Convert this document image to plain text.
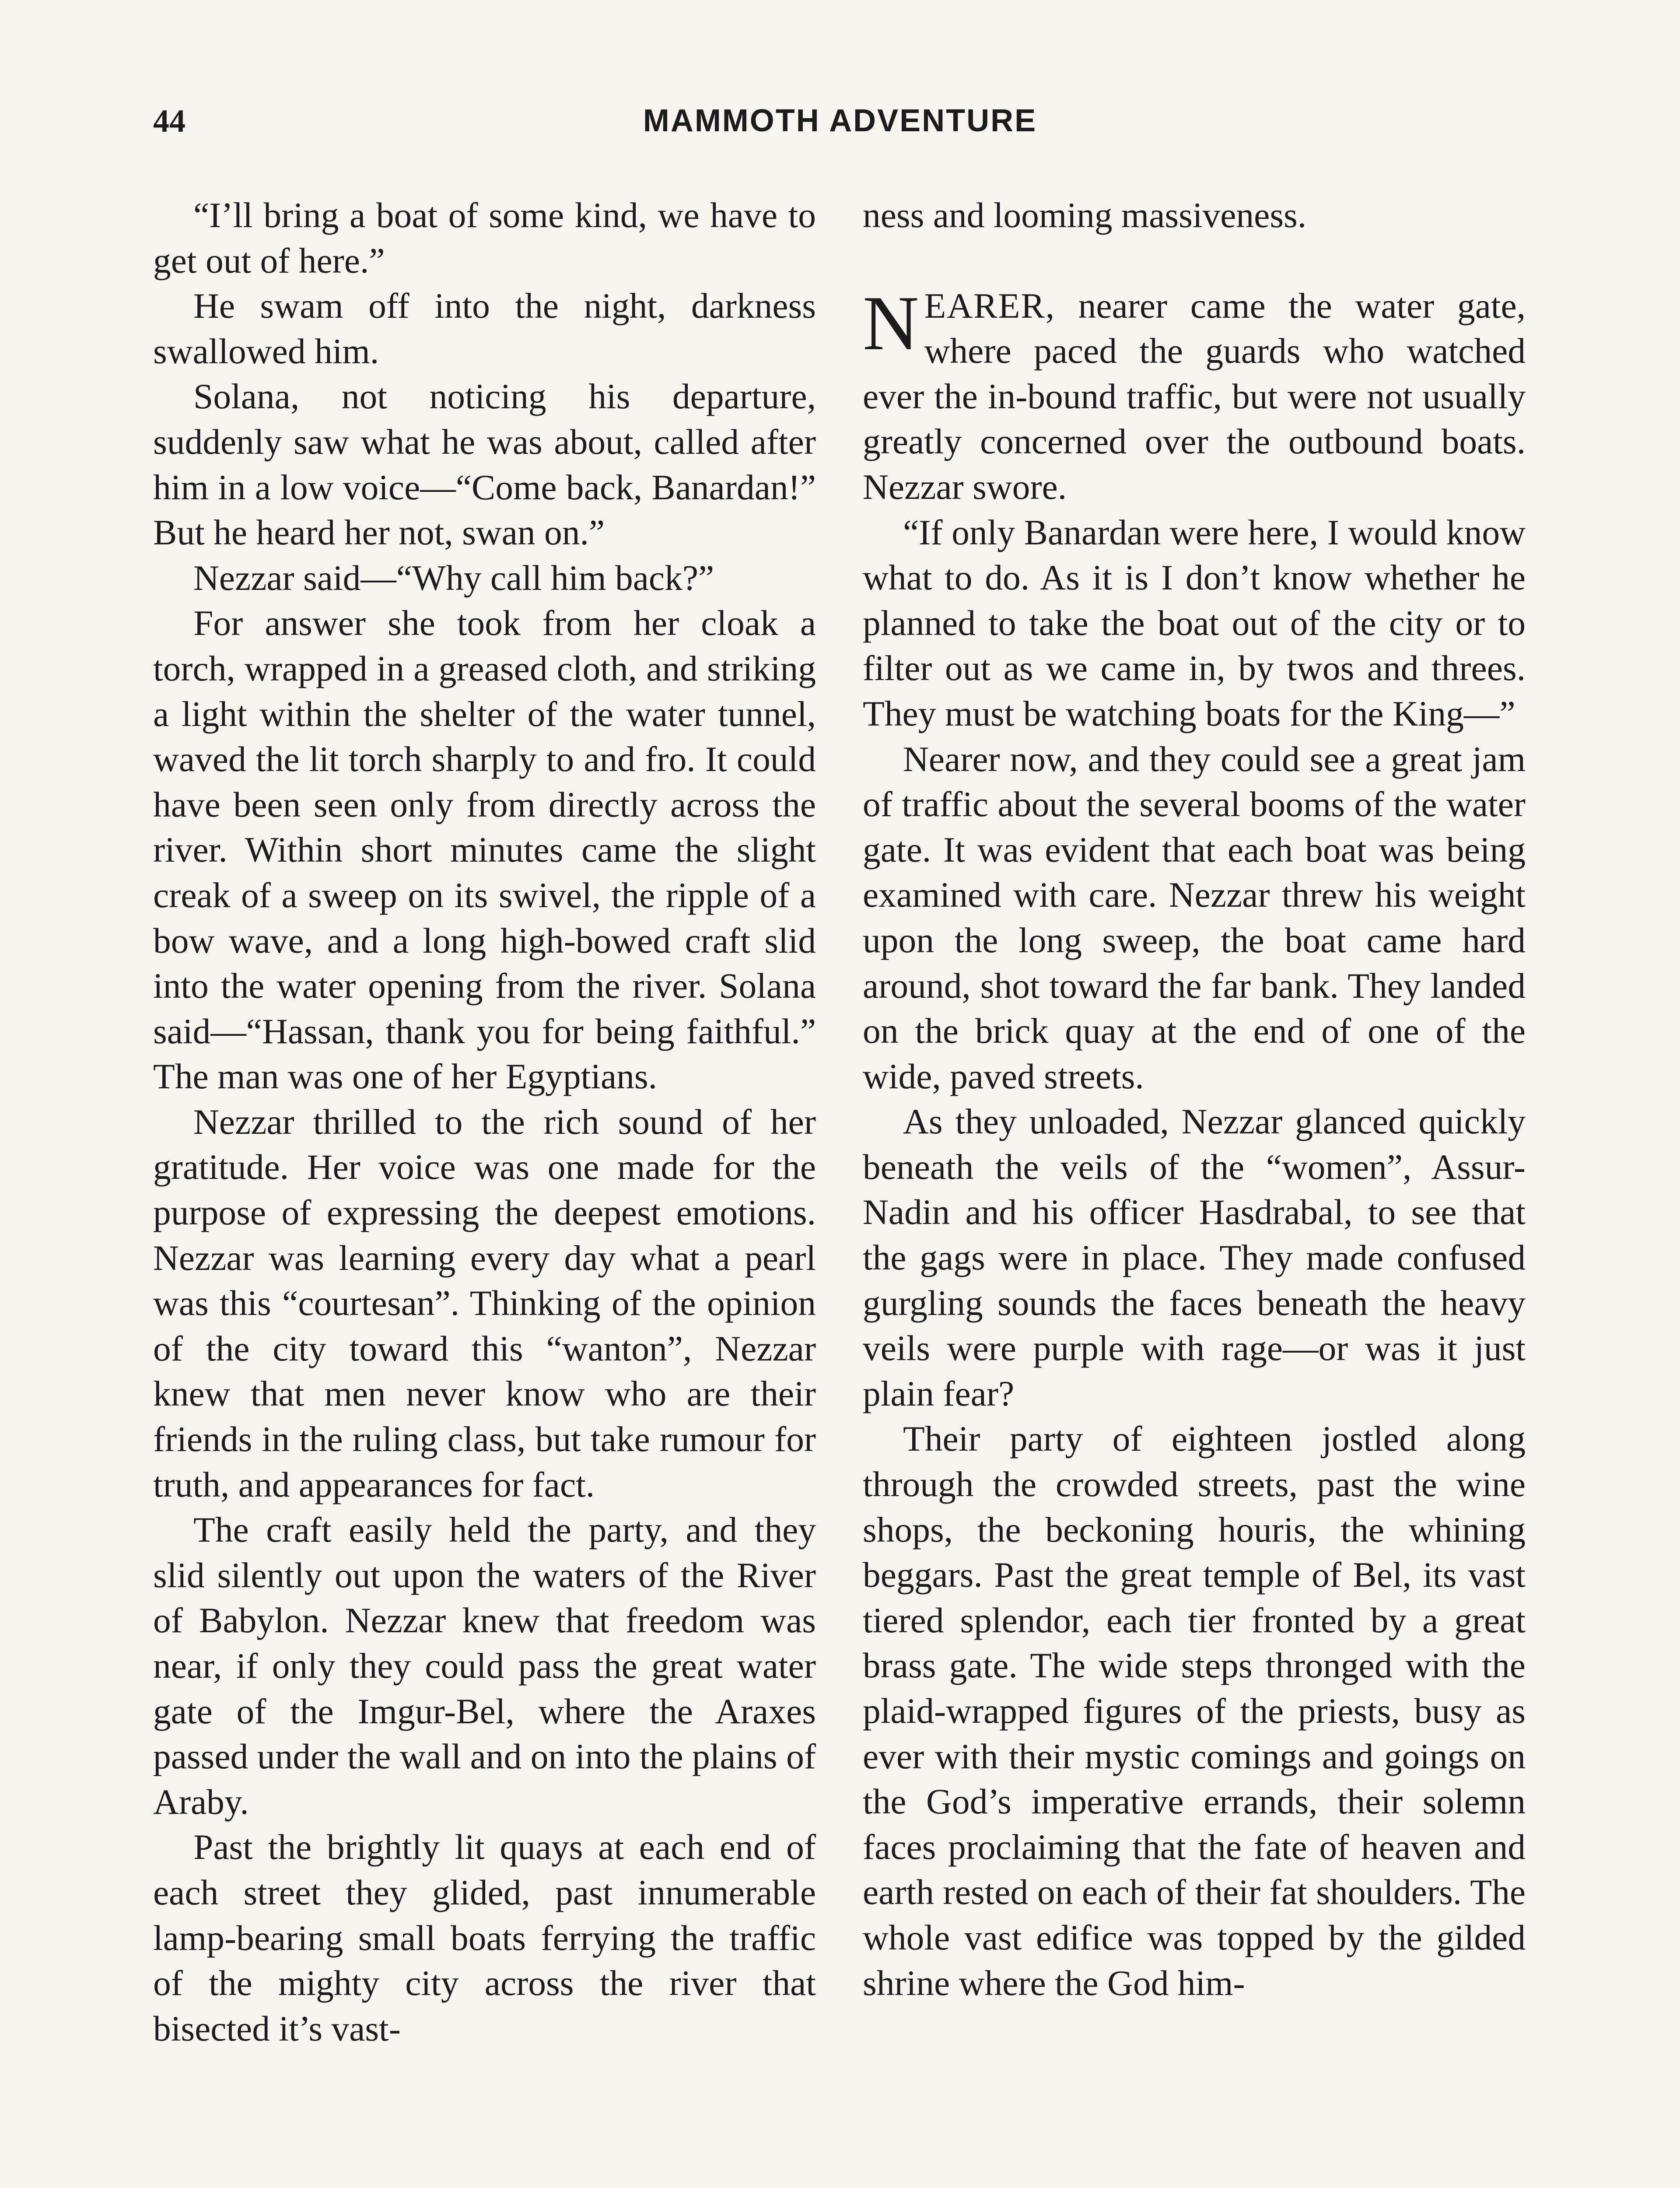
44	MAMMOTH ADVENTURE

“I’ll bring a boat of some kind, we have to get out of here.”

He swam off into the night, darkness swallowed him.

Solana, not noticing his departure, suddenly saw what he was about, called after him in a low voice—“Come back, Banardan!” But he heard her not, swan on.”

Nezzar said—“Why call him back?”

For answer she took from her cloak a torch, wrapped in a greased cloth, and striking a light within the shelter of the water tunnel, waved the lit torch sharply to and fro. It could have been seen only from directly across the river. Within short minutes came the slight creak of a sweep on its swivel, the ripple of a bow wave, and a long high-bowed craft slid into the water opening from the river. Solana said—“Hassan, thank you for being faithful.” The man was one of her Egyptians.

Nezzar thrilled to the rich sound of her gratitude. Her voice was one made for the purpose of expressing the deepest emotions. Nezzar was learning every day what a pearl was this “courtesan”. Thinking of the opinion of the city toward this “wanton”, Nezzar knew that men never know who are their friends in the ruling class, but take rumour for truth, and appearances for fact.

The craft easily held the party, and they slid silently out upon the waters of the River of Babylon. Nezzar knew that freedom was near, if only they could pass the great water gate of the Imgur-Bel, where the Araxes passed under the wall and on into the plains of Araby.

Past the brightly lit quays at each end of each street they glided, past innumerable lamp-bearing small boats ferrying the traffic of the mighty city across the river that bisected it’s vast-

ness and looming massiveness.

NEARER, nearer came the water gate, where paced the guards who watched ever the in-bound traffic, but were not usually greatly concerned over the outbound boats. Nezzar swore.

“If only Banardan were here, I would know what to do. As it is I don’t know whether he planned to take the boat out of the city or to filter out as we came in, by twos and threes. They must be watching boats for the King—”

Nearer now, and they could see a great jam of traffic about the several booms of the water gate. It was evident that each boat was being examined with care. Nezzar threw his weight upon the long sweep, the boat came hard around, shot toward the far bank. They landed on the brick quay at the end of one of the wide, paved streets.

As they unloaded, Nezzar glanced quickly beneath the veils of the “women”, Assur-Nadin and his officer Hasdrabal, to see that the gags were in place. They made confused gurgling sounds the faces beneath the heavy veils were purple with rage—or was it just plain fear?

Their party of eighteen jostled along through the crowded streets, past the wine shops, the beckoning houris, the whining beggars. Past the great temple of Bel, its vast tiered splendor, each tier fronted by a great brass gate. The wide steps thronged with the plaid-wrapped figures of the priests, busy as ever with their mystic comings and goings on the God’s imperative errands, their solemn faces proclaiming that the fate of heaven and earth rested on each of their fat shoulders. The whole vast edifice was topped by the gilded shrine where the God him-
